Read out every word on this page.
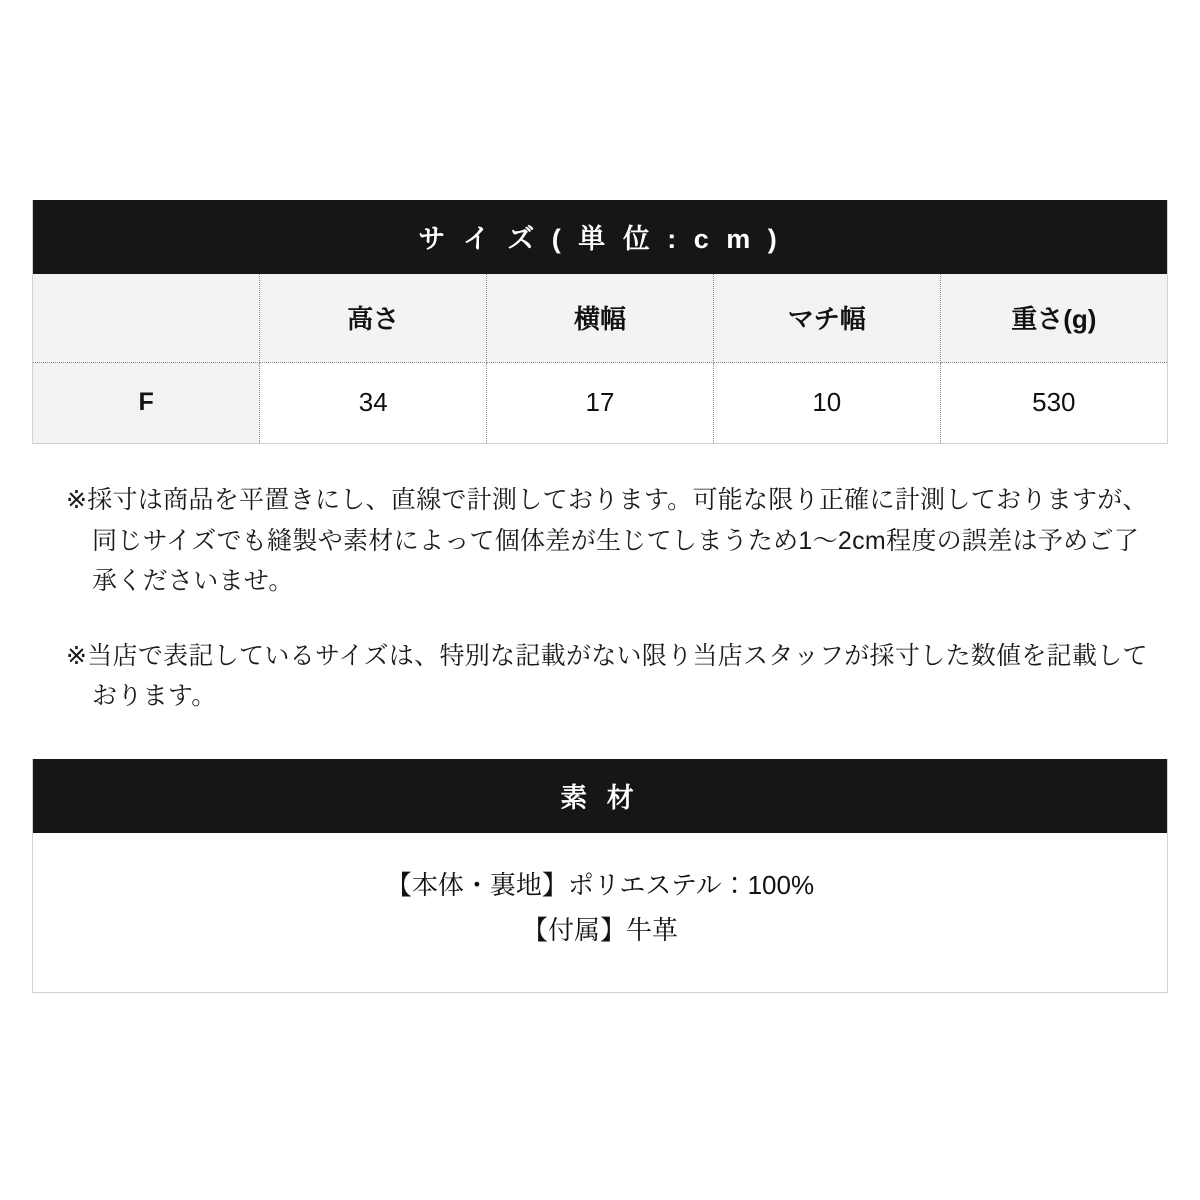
サ イ ズ ( 単 位 : c m )				
	高さ	横幅	マチ幅	重さ(g)
F	34	17	10	530

※採寸は商品を平置きにし、直線で計測しております。可能な限り正確に計測しておりますが、同じサイズでも縫製や素材によって個体差が生じてしまうため1〜2cm程度の誤差は予めご了承くださいませ。

※当店で表記しているサイズは、特別な記載がない限り当店スタッフが採寸した数値を記載しております。

素 材
【本体・裏地】ポリエステル：100%
【付属】牛革
